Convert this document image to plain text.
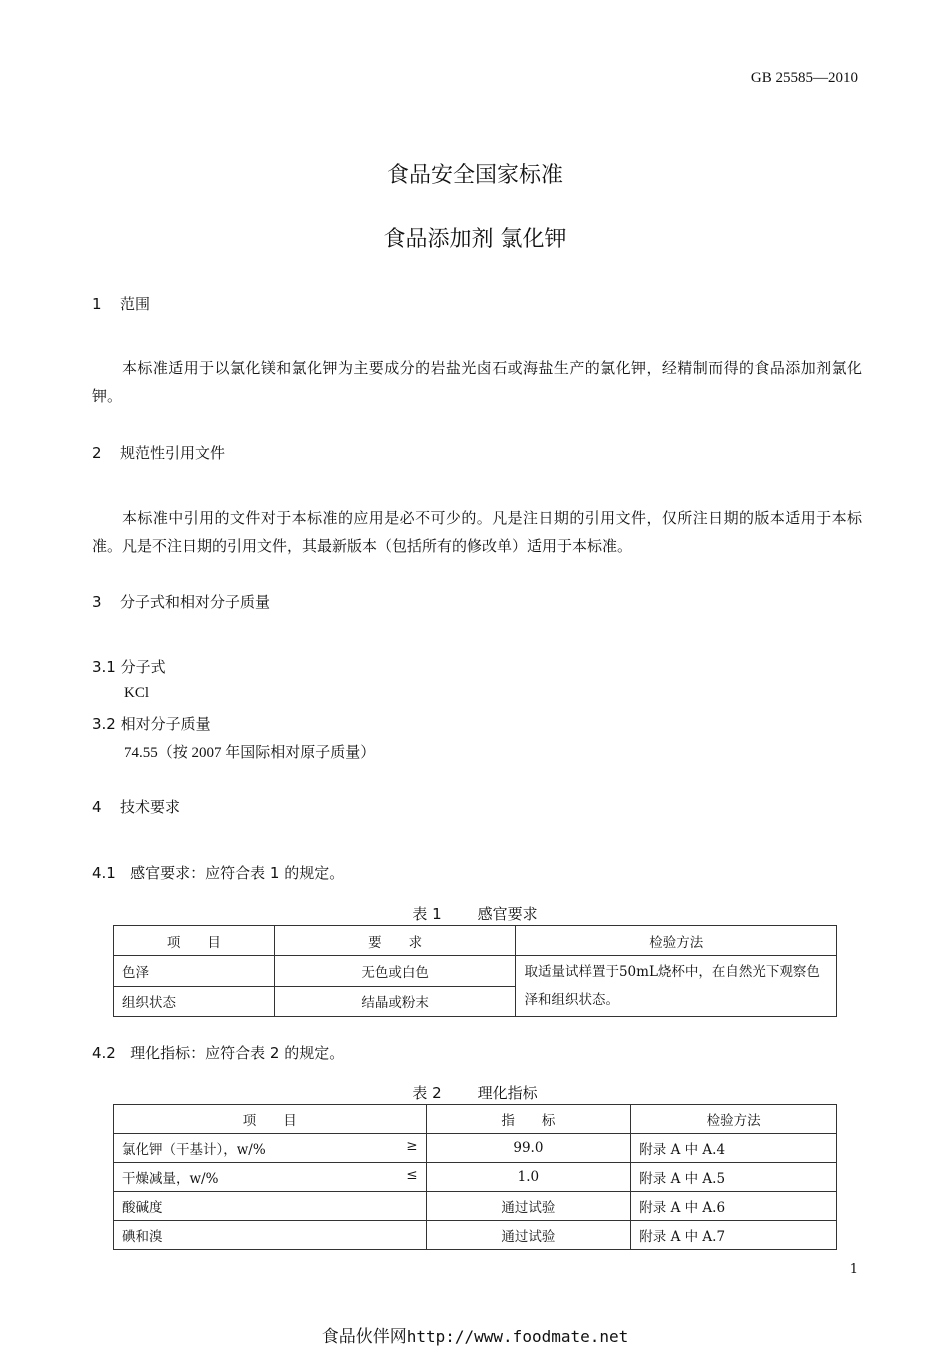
GB 25585—2010
食品安全国家标准
食品添加剂 氯化钾
1 范围
本标准适用于以氯化镁和氯化钾为主要成分的岩盐光卤石或海盐生产的氯化钾，经精制而得的食品添加剂氯化钾。
2 规范性引用文件
本标准中引用的文件对于本标准的应用是必不可少的。凡是注日期的引用文件，仅所注日期的版本适用于本标准。凡是不注日期的引用文件，其最新版本（包括所有的修改单）适用于本标准。
3 分子式和相对分子质量
3.1 分子式
KCl
3.2 相对分子质量
74.55（按 2007 年国际相对原子质量）
4 技术要求
4.1   感官要求：应符合表 1 的规定。
表 1 感官要求
项　　目	要　　求	检验方法
色泽	无色或白色	取适量试样置于50mL烧杯中，在自然光下观察色泽和组织状态。
组织状态	结晶或粉末	
4.2   理化指标：应符合表 2 的规定。
表 2 理化指标
项　　目	指　　标	检验方法
氯化钾（干基计），w/% ≥	99.0	附录 A 中 A.4
干燥减量，w/% ≤	1.0	附录 A 中 A.5
酸碱度	通过试验	附录 A 中 A.6
碘和溴	通过试验	附录 A 中 A.7
1
食品伙伴网http://www.foodmate.net
